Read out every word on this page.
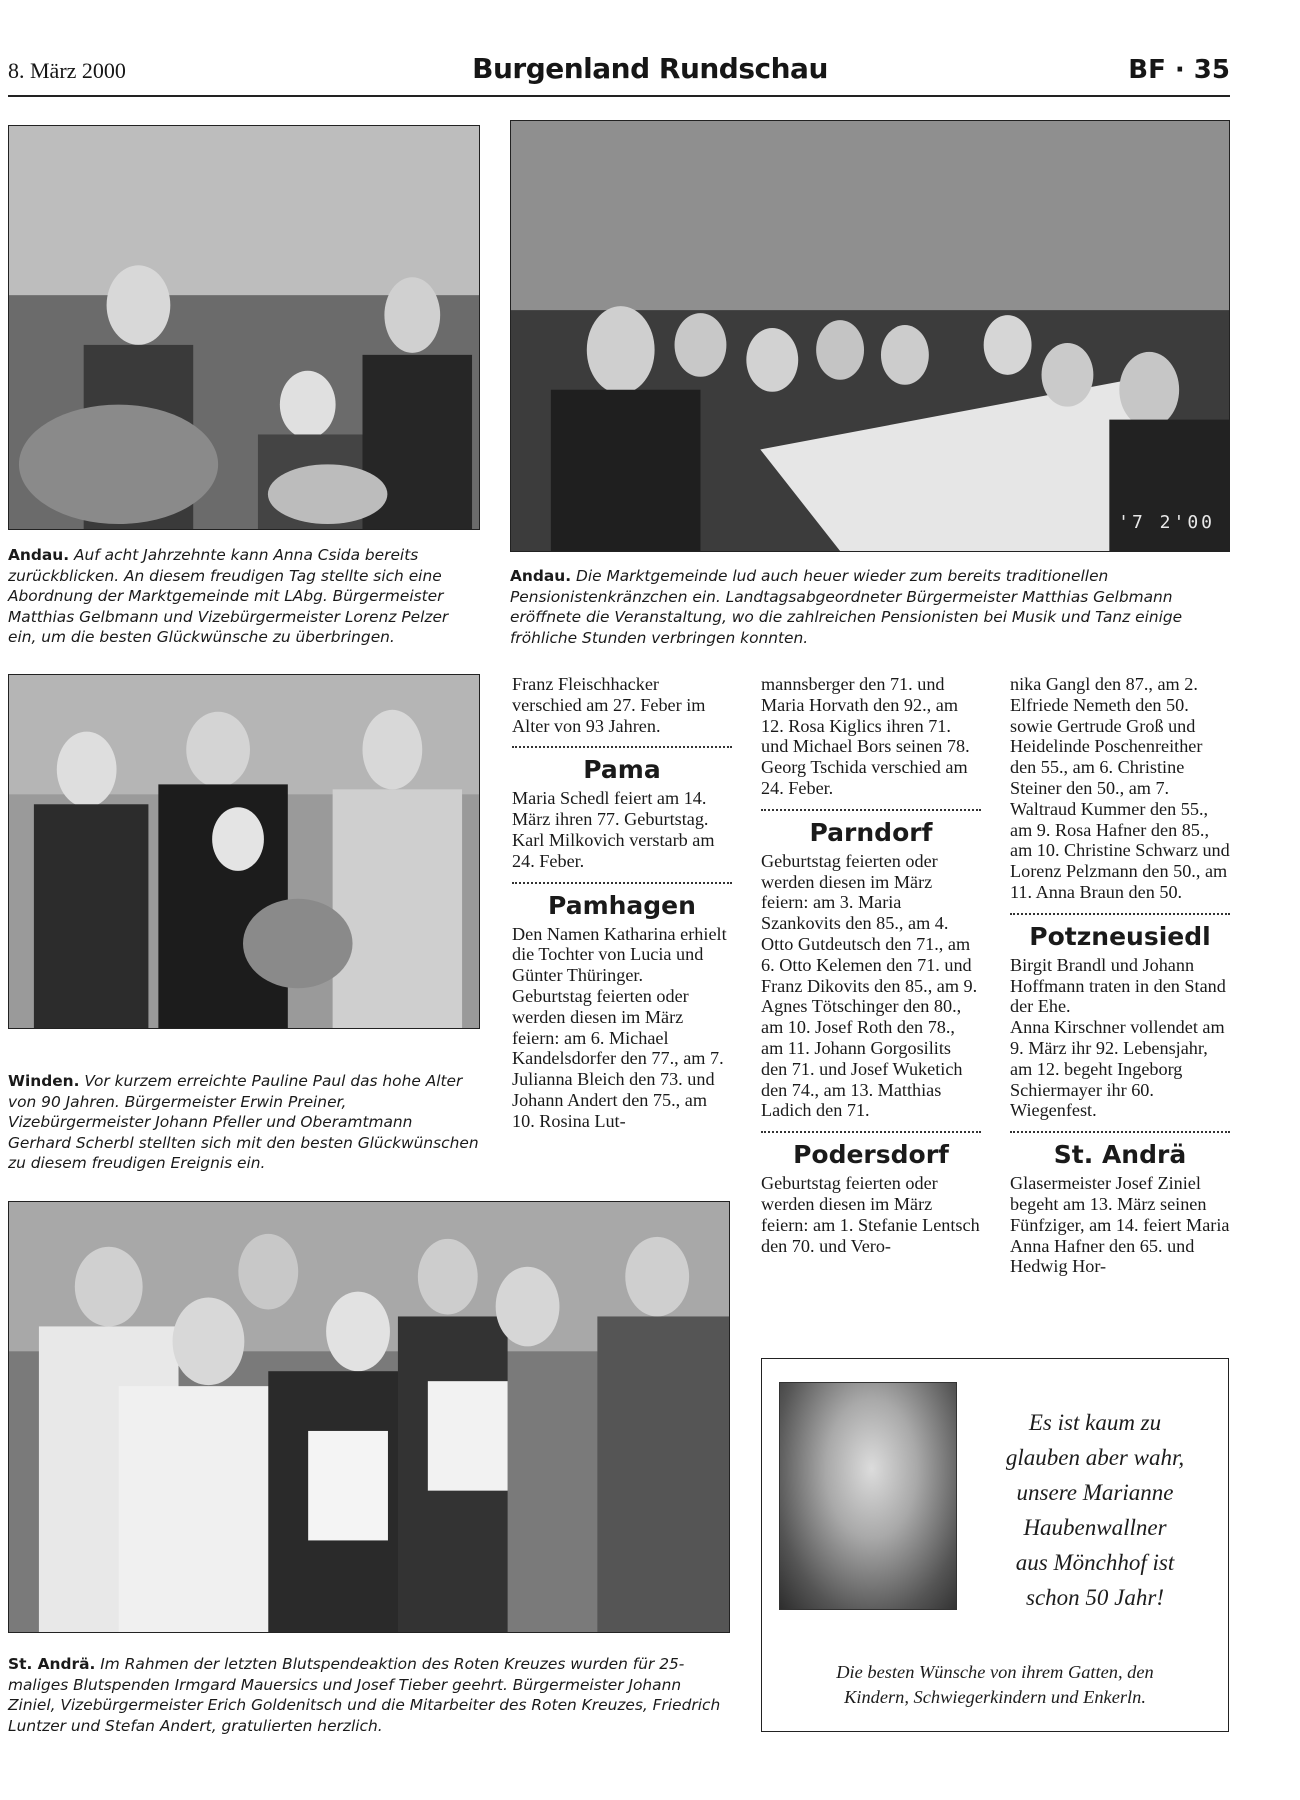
8. März 2000	Burgenland Rundschau	BF · 35
'7 2'00
Andau. Auf acht Jahrzehnte kann Anna Csida bereits zurückblicken. An diesem freudigen Tag stellte sich eine Abordnung der Marktgemeinde mit LAbg. Bürgermeister Matthias Gelbmann und Vizebürgermeister Lorenz Pelzer ein, um die besten Glückwünsche zu überbringen.
Andau. Die Marktgemeinde lud auch heuer wieder zum bereits traditionellen Pensionistenkränzchen ein. Landtagsabgeordneter Bürgermeister Matthias Gelbmann eröffnete die Veranstaltung, wo die zahlreichen Pensionisten bei Musik und Tanz einige fröhliche Stunden verbringen konnten.
Winden. Vor kurzem erreichte Pauline Paul das hohe Alter von 90 Jahren. Bürgermeister Erwin Preiner, Vizebürgermeister Johann Pfeller und Oberamtmann Gerhard Scherbl stellten sich mit den besten Glückwünschen zu diesem freudigen Ereignis ein.
St. Andrä. Im Rahmen der letzten Blutspendeaktion des Roten Kreuzes wurden für 25-maliges Blutspenden Irmgard Mauersics und Josef Tieber geehrt. Bürgermeister Johann Ziniel, Vizebürgermeister Erich Goldenitsch und die Mitarbeiter des Roten Kreuzes, Friedrich Luntzer und Stefan Andert, gratulierten herzlich.

Franz Fleischhacker verschied am 27. Feber im Alter von 93 Jahren.

Pama

Maria Schedl feiert am 14. März ihren 77. Geburtstag.

Karl Milkovich verstarb am 24. Feber.

Pamhagen

Den Namen Katharina erhielt die Tochter von Lucia und Günter Thüringer.

Geburtstag feierten oder werden diesen im März feiern: am 6. Michael Kandelsdorfer den 77., am 7. Julianna Bleich den 73. und Johann Andert den 75., am 10. Rosina Lut-

mannsberger den 71. und Maria Horvath den 92., am 12. Rosa Kiglics ihren 71. und Michael Bors seinen 78.

Georg Tschida verschied am 24. Feber.

Parndorf

Geburtstag feierten oder werden diesen im März feiern: am 3. Maria Szankovits den 85., am 4. Otto Gutdeutsch den 71., am 6. Otto Kelemen den 71. und Franz Dikovits den 85., am 9. Agnes Tötschinger den 80., am 10. Josef Roth den 78., am 11. Johann Gorgosilits den 71. und Josef Wuketich den 74., am 13. Matthias Ladich den 71.

Podersdorf

Geburtstag feierten oder werden diesen im März feiern: am 1. Stefanie Lentsch den 70. und Vero-

nika Gangl den 87., am 2. Elfriede Nemeth den 50. sowie Gertrude Groß und Heidelinde Poschenreither den 55., am 6. Christine Steiner den 50., am 7. Waltraud Kummer den 55., am 9. Rosa Hafner den 85., am 10. Christine Schwarz und Lorenz Pelzmann den 50., am 11. Anna Braun den 50.

Potzneusiedl

Birgit Brandl und Johann Hoffmann traten in den Stand der Ehe.

Anna Kirschner vollendet am 9. März ihr 92. Lebensjahr, am 12. begeht Ingeborg Schiermayer ihr 60. Wiegenfest.

St. Andrä

Glasermeister Josef Ziniel begeht am 13. März seinen Fünfziger, am 14. feiert Maria Anna Hafner den 65. und Hedwig Hor-

Es ist kaum zu
glauben aber wahr,
unsere Marianne
Haubenwallner
aus Mönchhof ist
schon 50 Jahr!
Die besten Wünsche von ihrem Gatten, den
Kindern, Schwiegerkindern und Enkerln.
